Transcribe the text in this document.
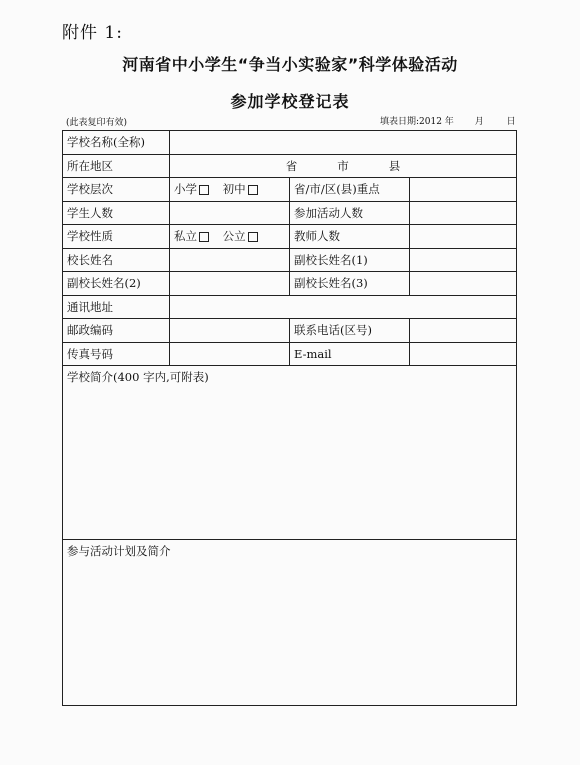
附件 1:
河南省中小学生“争当小实验家”科学体验活动
参加学校登记表
(此表复印有效)	填表日期:2012 年 月	日
学校名称(全称)			
所在地区	省 市 县		
学校层次	小学 初中	省/市/区(县)重点	
学生人数		参加活动人数	
学校性质	私立 公立	教师人数	
校长姓名		副校长姓名(1)	
副校长姓名(2)		副校长姓名(3)	
通讯地址			
邮政编码		联系电话(区号)	
传真号码		E-mail	
学校简介(400 字内,可附表)			
参与活动计划及简介			
